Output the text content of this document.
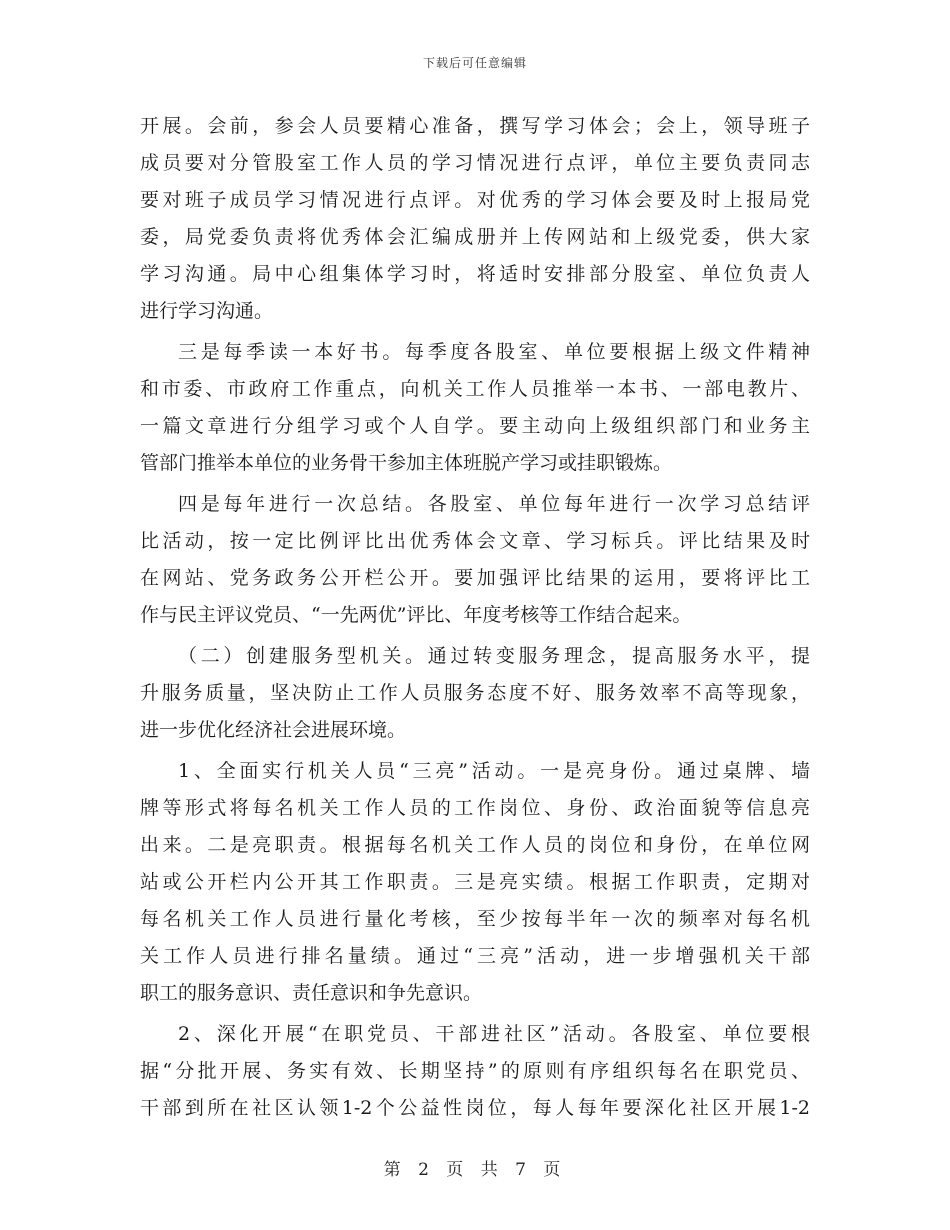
下载后可任意编辑
开展。会前，参会人员要精心准备，撰写学习体会；会上，领导班子
成员要对分管股室工作人员的学习情况进行点评，单位主要负责同志
要对班子成员学习情况进行点评。对优秀的学习体会要及时上报局党
委，局党委负责将优秀体会汇编成册并上传网站和上级党委，供大家
学习沟通。局中心组集体学习时，将适时安排部分股室、单位负责人
进行学习沟通。
三是每季读一本好书。每季度各股室、单位要根据上级文件精神
和市委、市政府工作重点，向机关工作人员推举一本书、一部电教片、
一篇文章进行分组学习或个人自学。要主动向上级组织部门和业务主
管部门推举本单位的业务骨干参加主体班脱产学习或挂职锻炼。
四是每年进行一次总结。各股室、单位每年进行一次学习总结评
比活动，按一定比例评比出优秀体会文章、学习标兵。评比结果及时
在网站、党务政务公开栏公开。要加强评比结果的运用，要将评比工
作与民主评议党员、“一先两优”评比、年度考核等工作结合起来。
（二）创建服务型机关。通过转变服务理念，提高服务水平，提
升服务质量，坚决防止工作人员服务态度不好、服务效率不高等现象，
进一步优化经济社会进展环境。
1、全面实行机关人员“三亮”活动。一是亮身份。通过桌牌、墙
牌等形式将每名机关工作人员的工作岗位、身份、政治面貌等信息亮
出来。二是亮职责。根据每名机关工作人员的岗位和身份，在单位网
站或公开栏内公开其工作职责。三是亮实绩。根据工作职责，定期对
每名机关工作人员进行量化考核，至少按每半年一次的频率对每名机
关工作人员进行排名量绩。通过“三亮”活动，进一步增强机关干部
职工的服务意识、责任意识和争先意识。
2、深化开展“在职党员、干部进社区”活动。各股室、单位要根
据“分批开展、务实有效、长期坚持”的原则有序组织每名在职党员、
干部到所在社区认领1-2个公益性岗位，每人每年要深化社区开展1-2
第 2 页 共 7 页
